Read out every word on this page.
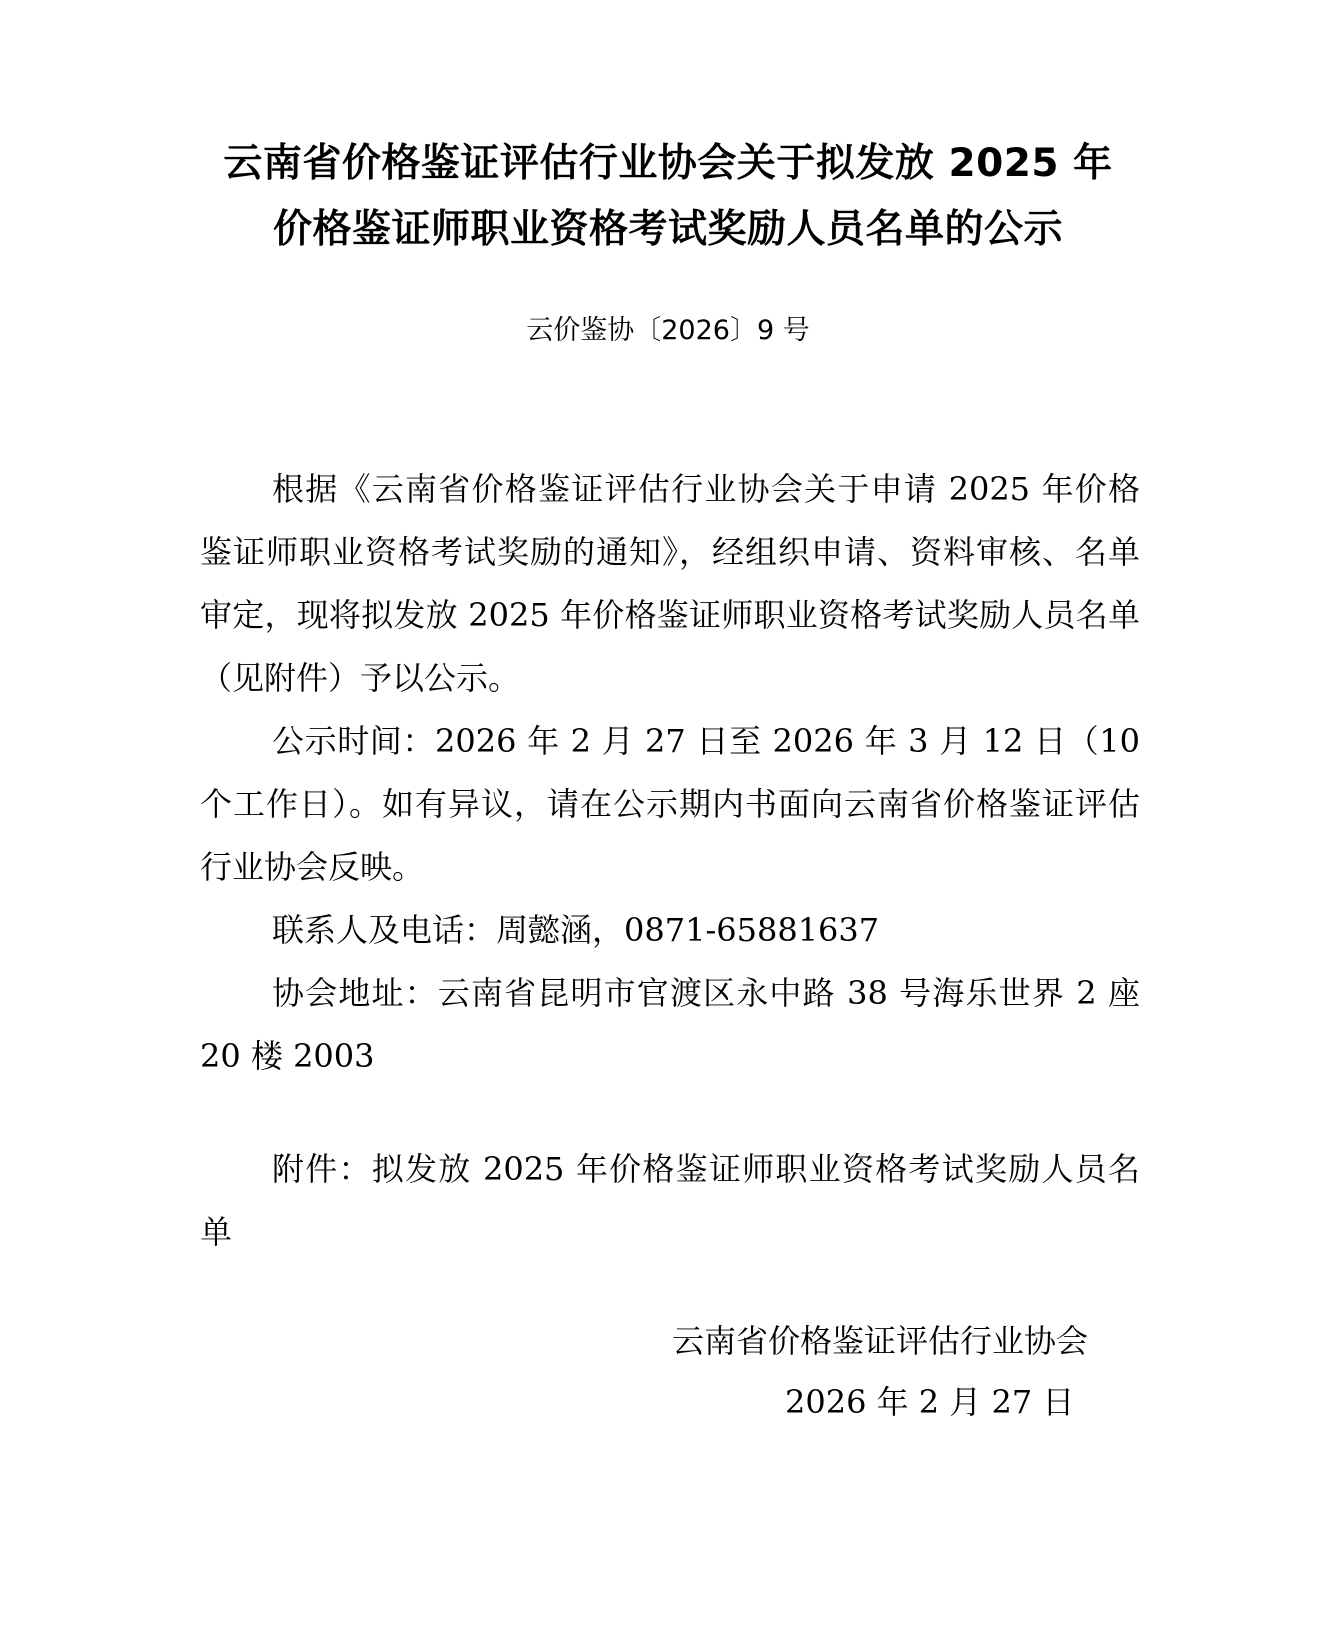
云南省价格鉴证评估行业协会关于拟发放 2025 年
价格鉴证师职业资格考试奖励人员名单的公示
云价鉴协〔2026〕9 号

根据《云南省价格鉴证评估行业协会关于申请 2025 年价格鉴证师职业资格考试奖励的通知》，经组织申请、资料审核、名单审定，现将拟发放 2025 年价格鉴证师职业资格考试奖励人员名单（见附件）予以公示。

公示时间：2026 年 2 月 27 日至 2026 年 3 月 12 日（10 个工作日）。如有异议，请在公示期内书面向云南省价格鉴证评估行业协会反映。

联系人及电话：周懿涵，0871-65881637

协会地址：云南省昆明市官渡区永中路 38 号海乐世界 2 座 20 楼 2003

附件：拟发放 2025 年价格鉴证师职业资格考试奖励人员名单

云南省价格鉴证评估行业协会
2026 年 2 月 27 日
